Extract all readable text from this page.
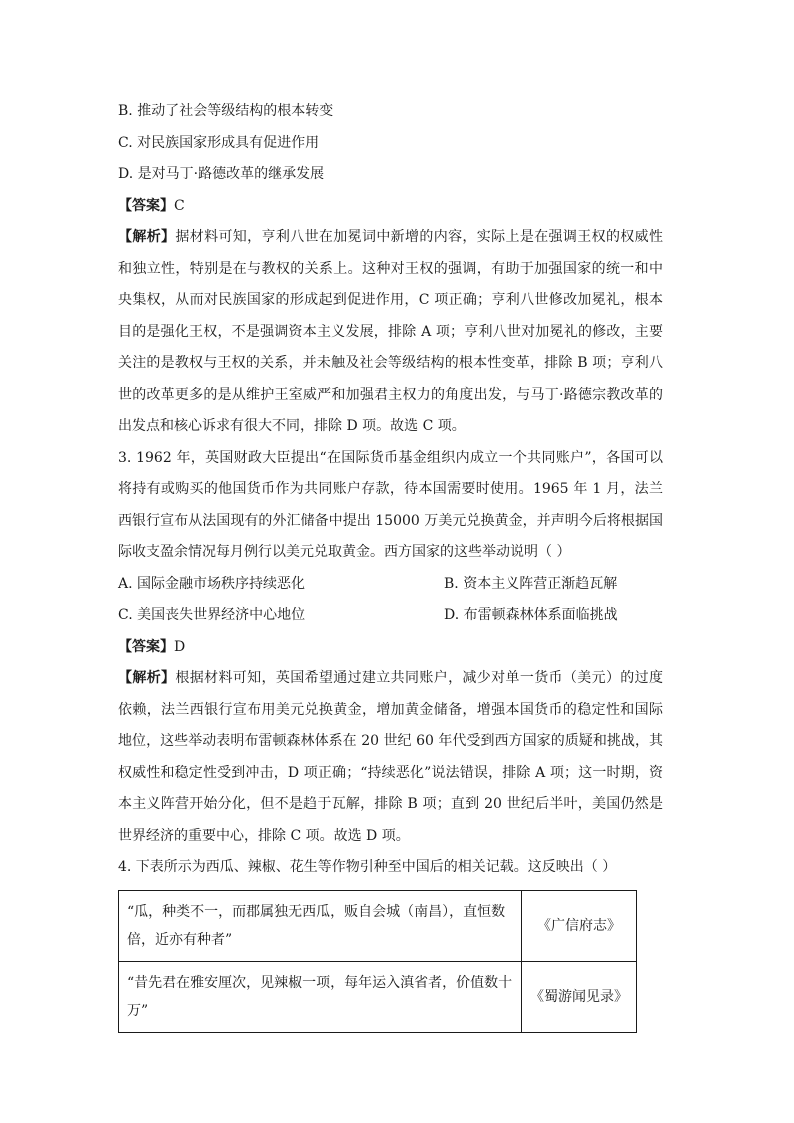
B. 推动了社会等级结构的根本转变
C. 对民族国家形成具有促进作用
D. 是对马丁·路德改革的继承发展
【答案】C
【解析】据材料可知，亨利八世在加冕词中新增的内容，实际上是在强调王权的权威性和独立性，特别是在与教权的关系上。这种对王权的强调，有助于加强国家的统一和中央集权，从而对民族国家的形成起到促进作用，C 项正确；亨利八世修改加冕礼，根本目的是强化王权，不是强调资本主义发展，排除 A 项；亨利八世对加冕礼的修改，主要关注的是教权与王权的关系，并未触及社会等级结构的根本性变革，排除 B 项；亨利八世的改革更多的是从维护王室威严和加强君主权力的角度出发，与马丁·路德宗教改革的出发点和核心诉求有很大不同，排除 D 项。故选 C 项。
3. 1962 年，英国财政大臣提出“在国际货币基金组织内成立一个共同账户”，各国可以将持有或购买的他国货币作为共同账户存款，待本国需要时使用。1965 年 1 月，法兰西银行宣布从法国现有的外汇储备中提出 15000 万美元兑换黄金，并声明今后将根据国际收支盈余情况每月例行以美元兑取黄金。西方国家的这些举动说明（ ）
A. 国际金融市场秩序持续恶化	B. 资本主义阵营正渐趋瓦解
C. 美国丧失世界经济中心地位	D. 布雷顿森林体系面临挑战
【答案】D
【解析】根据材料可知，英国希望通过建立共同账户，减少对单一货币（美元）的过度依赖，法兰西银行宣布用美元兑换黄金，增加黄金储备，增强本国货币的稳定性和国际地位，这些举动表明布雷顿森林体系在 20 世纪 60 年代受到西方国家的质疑和挑战，其权威性和稳定性受到冲击，D 项正确；“持续恶化”说法错误，排除 A 项；这一时期，资本主义阵营开始分化，但不是趋于瓦解，排除 B 项；直到 20 世纪后半叶，美国仍然是世界经济的重要中心，排除 C 项。故选 D 项。
4. 下表所示为西瓜、辣椒、花生等作物引种至中国后的相关记载。这反映出（ ）
“瓜，种类不一，而郡属独无西瓜，贩自会城（南昌），直恒数倍，近亦有种者”	《广信府志》
“昔先君在雅安厘次，见辣椒一项，每年运入滇省者，价值数十万”	《蜀游闻见录》
